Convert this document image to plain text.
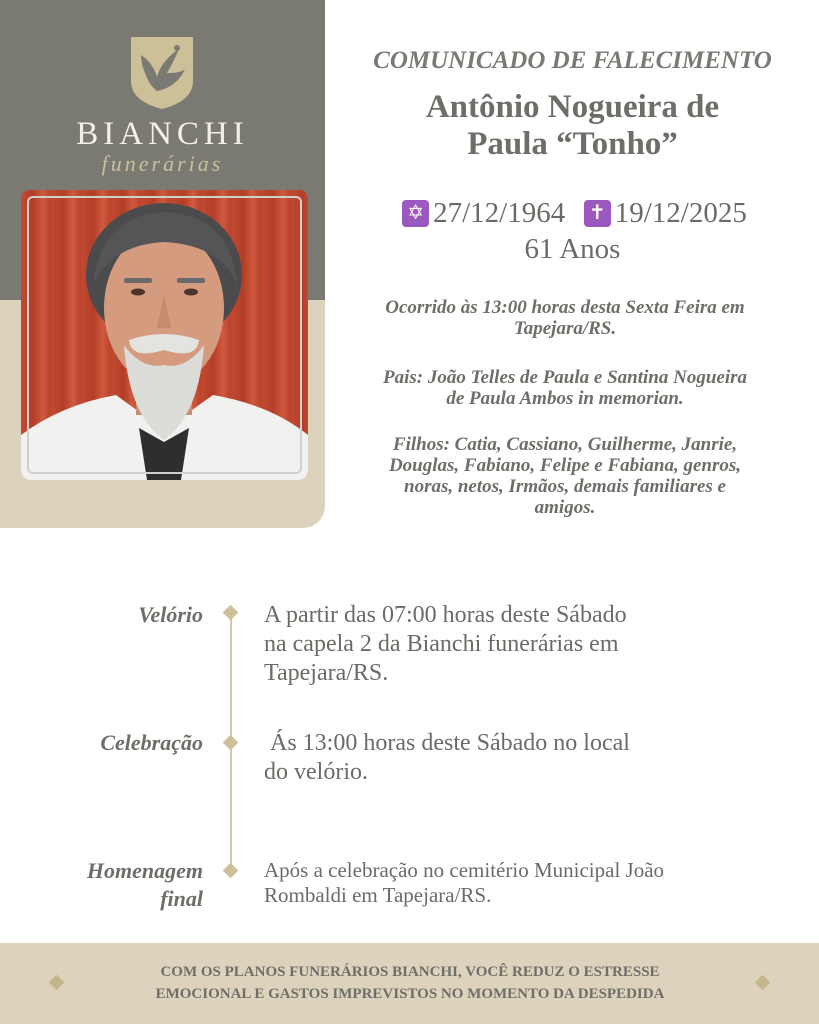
BIANCHI
funerárias
COMUNICADO DE FALECIMENTO
Antônio Nogueira de
Paula “Tonho”
✡ 27/12/1964 ✝ 19/12/2025
61 Anos
Ocorrido às 13:00 horas desta Sexta Feira em
Tapejara/RS.
Pais: João Telles de Paula e Santina Nogueira
de Paula Ambos in memorian.
Filhos: Catia, Cassiano, Guilherme, Janrie,
Douglas, Fabiano, Felipe e Fabiana, genros,
noras, netos, Irmãos, demais familiares e
amigos.
Velório	A partir das 07:00 horas deste Sábado
na capela 2 da Bianchi funerárias em
Tapejara/RS.
Celebração	Ás 13:00 horas deste Sábado no local
do velório.
Homenagem
final
Após a celebração no cemitério Municipal João
Rombaldi em Tapejara/RS.
COM OS PLANOS FUNERÁRIOS BIANCHI, VOCÊ REDUZ O ESTRESSE
EMOCIONAL E GASTOS IMPREVISTOS NO MOMENTO DA DESPEDIDA
